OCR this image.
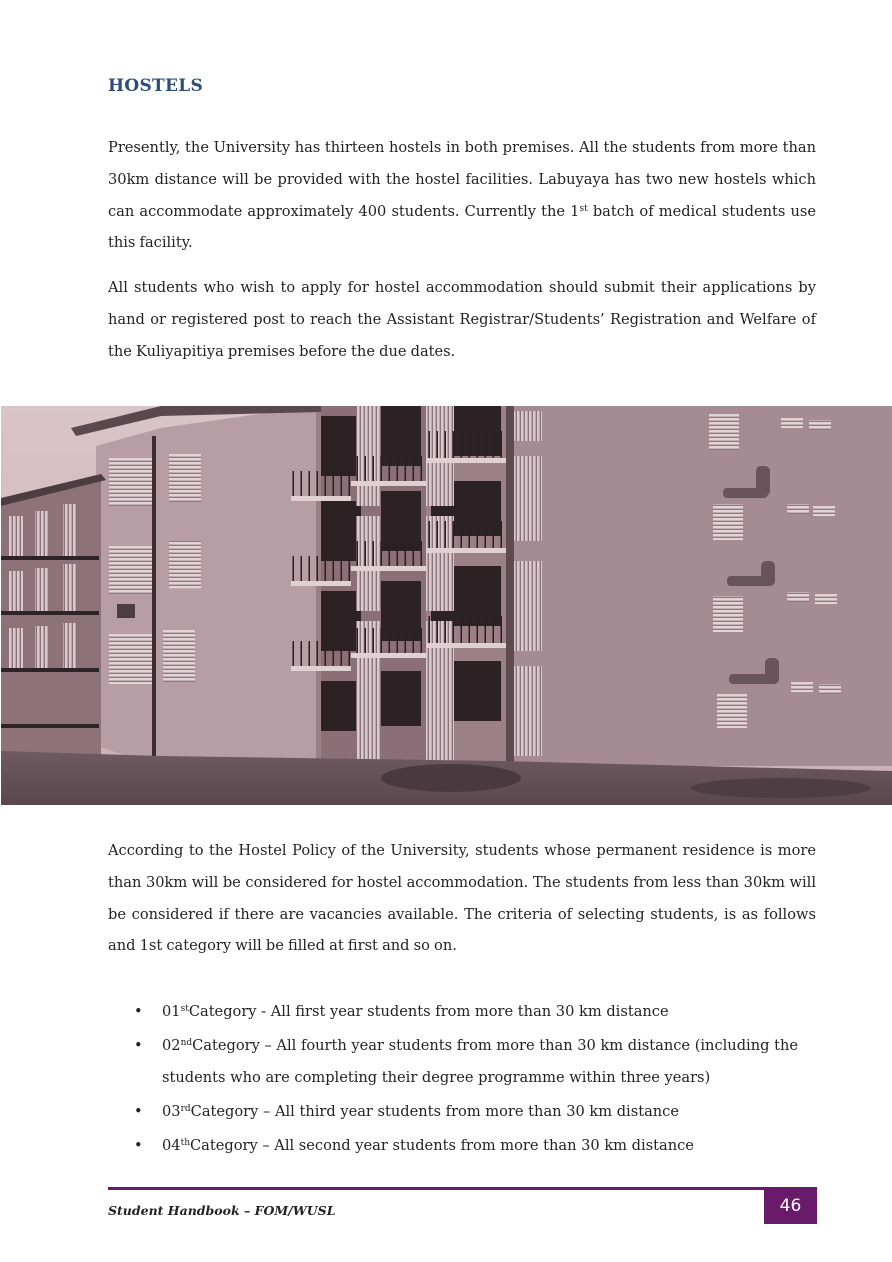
HOSTELS

Presently, the University has thirteen hostels in both premises. All the students from more than 30km distance will be provided with the hostel facilities. Labuyaya has two new hostels which can accommodate approximately 400 students. Currently the 1st batch of medical students use this facility.

All students who wish to apply for hostel accommodation should submit their applications by hand or registered post to reach the Assistant Registrar/Students’ Registration and Welfare of the Kuliyapitiya premises before the due dates.

According to the Hostel Policy of the University, students whose permanent residence is more than 30km will be considered for hostel accommodation. The students from less than 30km will be considered if there are vacancies available. The criteria of selecting students, is as follows and 1st category will be filled at first and so on.

• 01stCategory - All first year students from more than 30 km distance
• 02ndCategory – All fourth year students from more than 30 km distance (including the students who are completing their degree programme within three years)
• 03rdCategory – All third year students from more than 30 km distance
• 04thCategory – All second year students from more than 30 km distance
Student Handbook – FOM/WUSL	46
